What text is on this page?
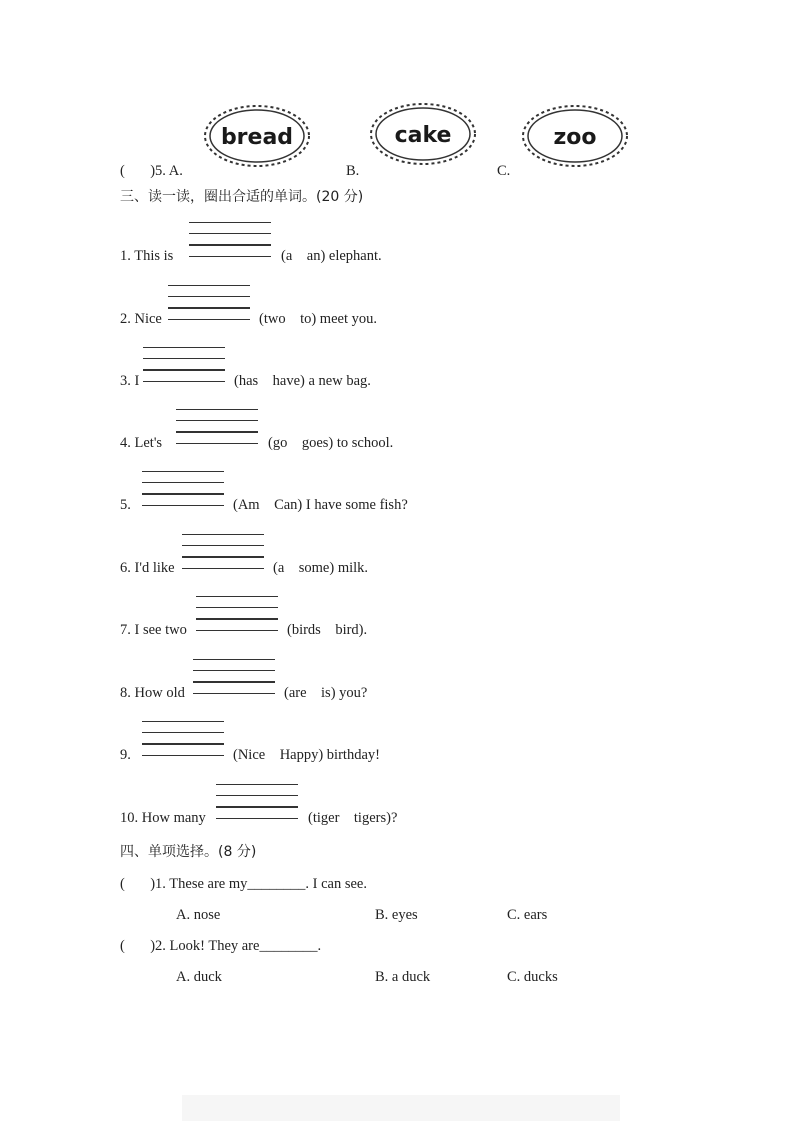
bread	cake	zoo
(       )5. A.	B.	C.
三、读一读，圈出合适的单词。(20 分)
1. This is	(a    an) elephant.
2. Nice	(two    to) meet you.
3. I	(has    have) a new bag.
4. Let's	(go    goes) to school.
5.	(Am    Can) I have some fish?
6. I'd like	(a    some) milk.
7. I see two	(birds    bird).
8. How old	(are    is) you?
9.	(Nice    Happy) birthday!
10. How many	(tiger    tigers)?
四、单项选择。(8 分)
(       )1. These are my________. I can see.
A. nose	B. eyes	C. ears
(       )2. Look! They are________.
A. duck	B. a duck	C. ducks
